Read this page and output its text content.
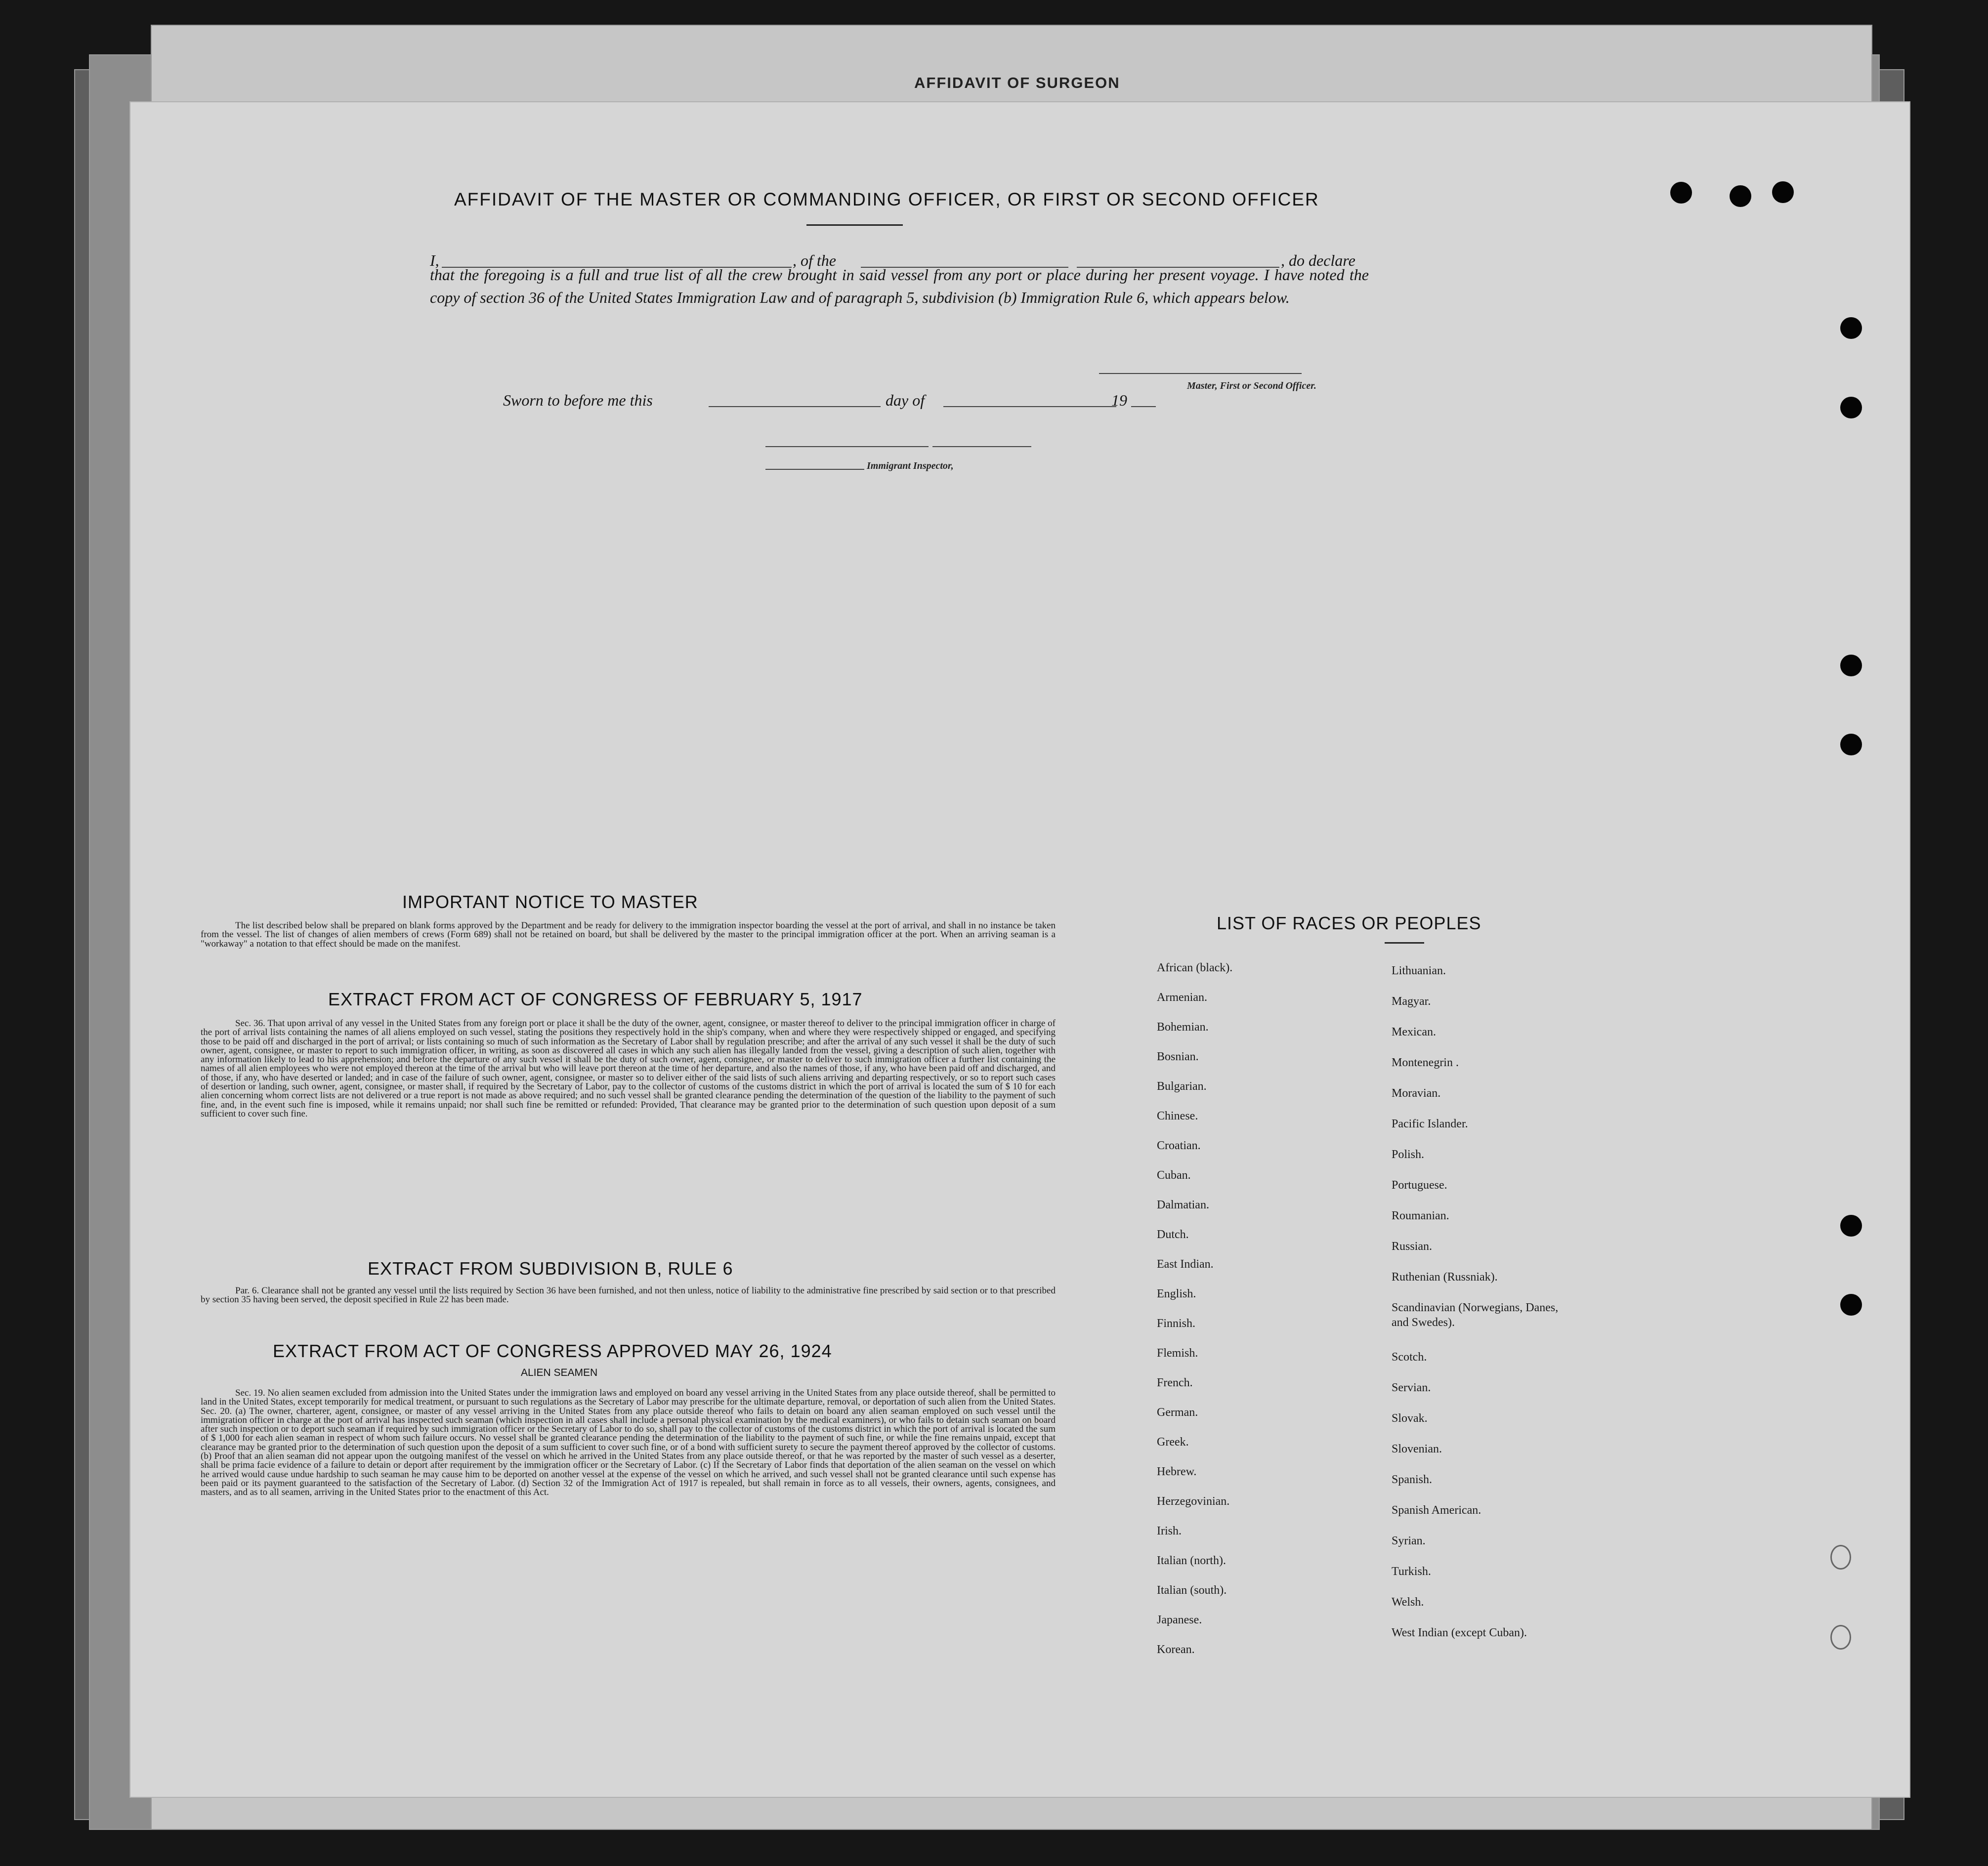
AFFIDAVIT OF SURGEON
AFFIDAVIT OF THE MASTER OR COMMANDING OFFICER, OR FIRST OR SECOND OFFICER
I,	, of the	, do declare
that the foregoing is a full and true list of all the crew brought in said vessel from any port or place during her present voyage. I have noted the copy of section 36 of the United States Immigration Law and of paragraph 5, subdivision (b) Immigration Rule 6, which appears below.
Master, First or Second Officer.
Sworn to before me this	day of	19
Immigrant Inspector,
IMPORTANT NOTICE TO MASTER
The list described below shall be prepared on blank forms approved by the Department and be ready for delivery to the immigration inspector boarding the vessel at the port of arrival, and shall in no instance be taken from the vessel. The list of changes of alien members of crews (Form 689) shall not be retained on board, but shall be delivered by the master to the principal immigration officer at the port. When an arriving seaman is a "workaway" a notation to that effect should be made on the manifest.
EXTRACT FROM ACT OF CONGRESS OF FEBRUARY 5, 1917
Sec. 36. That upon arrival of any vessel in the United States from any foreign port or place it shall be the duty of the owner, agent, consignee, or master thereof to deliver to the principal immigration officer in charge of the port of arrival lists containing the names of all aliens employed on such vessel, stating the positions they respectively hold in the ship's company, when and where they were respectively shipped or engaged, and specifying those to be paid off and discharged in the port of arrival; or lists containing so much of such information as the Secretary of Labor shall by regulation prescribe; and after the arrival of any such vessel it shall be the duty of such owner, agent, consignee, or master to report to such immigration officer, in writing, as soon as discovered all cases in which any such alien has illegally landed from the vessel, giving a description of such alien, together with any information likely to lead to his apprehension; and before the departure of any such vessel it shall be the duty of such owner, agent, consignee, or master to deliver to such immigration officer a further list containing the names of all alien employees who were not employed thereon at the time of the arrival but who will leave port thereon at the time of her departure, and also the names of those, if any, who have been paid off and discharged, and of those, if any, who have deserted or landed; and in case of the failure of such owner, agent, consignee, or master so to deliver either of the said lists of such aliens arriving and departing respectively, or so to report such cases of desertion or landing, such owner, agent, consignee, or master shall, if required by the Secretary of Labor, pay to the collector of customs of the customs district in which the port of arrival is located the sum of $ 10 for each alien concerning whom correct lists are not delivered or a true report is not made as above required; and no such vessel shall be granted clearance pending the determination of the question of the liability to the payment of such fine, and, in the event such fine is imposed, while it remains unpaid; nor shall such fine be remitted or refunded: Provided, That clearance may be granted prior to the determination of such question upon deposit of a sum sufficient to cover such fine.
EXTRACT FROM SUBDIVISION B, RULE 6
Par. 6. Clearance shall not be granted any vessel until the lists required by Section 36 have been furnished, and not then unless, notice of liability to the administrative fine prescribed by said section or to that prescribed by section 35 having been served, the deposit specified in Rule 22 has been made.
EXTRACT FROM ACT OF CONGRESS APPROVED MAY 26, 1924
ALIEN SEAMEN
Sec. 19. No alien seamen excluded from admission into the United States under the immigration laws and employed on board any vessel arriving in the United States from any place outside thereof, shall be permitted to land in the United States, except temporarily for medical treatment, or pursuant to such regulations as the Secretary of Labor may prescribe for the ultimate departure, removal, or deportation of such alien from the United States. Sec. 20. (a) The owner, charterer, agent, consignee, or master of any vessel arriving in the United States from any place outside thereof who fails to detain on board any alien seaman employed on such vessel until the immigration officer in charge at the port of arrival has inspected such seaman (which inspection in all cases shall include a personal physical examination by the medical examiners), or who fails to detain such seaman on board after such inspection or to deport such seaman if required by such immigration officer or the Secretary of Labor to do so, shall pay to the collector of customs of the customs district in which the port of arrival is located the sum of $ 1,000 for each alien seaman in respect of whom such failure occurs. No vessel shall be granted clearance pending the determination of the liability to the payment of such fine, or while the fine remains unpaid, except that clearance may be granted prior to the determination of such question upon the deposit of a sum sufficient to cover such fine, or of a bond with sufficient surety to secure the payment thereof approved by the collector of customs. (b) Proof that an alien seaman did not appear upon the outgoing manifest of the vessel on which he arrived in the United States from any place outside thereof, or that he was reported by the master of such vessel as a deserter, shall be prima facie evidence of a failure to detain or deport after requirement by the immigration officer or the Secretary of Labor. (c) If the Secretary of Labor finds that deportation of the alien seaman on the vessel on which he arrived would cause undue hardship to such seaman he may cause him to be deported on another vessel at the expense of the vessel on which he arrived, and such vessel shall not be granted clearance until such expense has been paid or its payment guaranteed to the satisfaction of the Secretary of Labor. (d) Section 32 of the Immigration Act of 1917 is repealed, but shall remain in force as to all vessels, their owners, agents, consignees, and masters, and as to all seamen, arriving in the United States prior to the enactment of this Act.
LIST OF RACES OR PEOPLES
African (black).
Armenian.
Bohemian.
Bosnian.
Bulgarian.
Chinese.
Croatian.
Cuban.
Dalmatian.
Dutch.
East Indian.
English.
Finnish.
Flemish.
French.
German.
Greek.
Hebrew.
Herzegovinian.
Irish.
Italian (north).
Italian (south).
Japanese.
Korean.
Lithuanian.
Magyar.
Mexican.
Montenegrin .
Moravian.
Pacific Islander.
Polish.
Portuguese.
Roumanian.
Russian.
Ruthenian (Russniak).
Scandinavian (Norwegians, Danes, and Swedes).
Scotch.
Servian.
Slovak.
Slovenian.
Spanish.
Spanish American.
Syrian.
Turkish.
Welsh.
West Indian (except Cuban).
